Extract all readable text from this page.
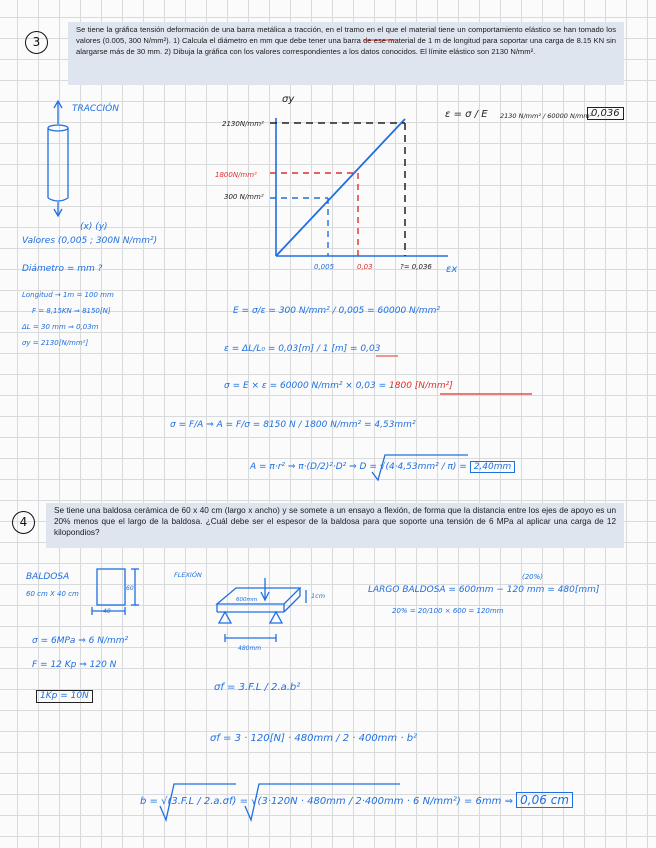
3
Se tiene la gráfica tensión deformación de una barra metálica a tracción, en el tramo en el que el material tiene un comportamiento elástico se han tomado los valores (0.005, 300 N/mm²). 1) Calcula el diámetro en mm que debe tener una barra de ese material de 1 m de longitud para soportar una carga de 8.15 KN sin alargarse más de 30 mm. 2) Dibuja la gráfica con los valores correspondientes a los datos conocidos. El límite elástico son 2130 N/mm².
TRACCIÓN
(x) (y)
Valores (0,005 ; 300N N/mm²)
Diámetro = mm ?
Longitud → 1m = 100 mm
F = 8,15KN ⇒ 8150[N]
ΔL = 30 mm ⇒ 0,03m
σy = 2130[N/mm²]
σy
2130N/mm²
1800N/mm²
300 N/mm²
0,005	0,03	?= 0,036 εx
ε = σ / E 2130 N/mm² / 60000 N/mm²
0,036
E = σ/ε = 300 N/mm² / 0,005 = 60000 N/mm²
ε = ΔL/L₀ = 0,03[m] / 1 [m] = 0,03
σ = E × ε = 60000 N/mm² × 0,03 = 1800 [N/mm²]
σ = F/A ⇒ A = F/σ = 8150 N / 1800 N/mm² = 4,53mm²
A = π·r² ⇒ π·(D/2)²·D² ⇒ D = √(4·4,53mm² / π) = 2,40mm
4
Se tiene una baldosa cerámica de 60 x 40 cm (largo x ancho) y se somete a un ensayo a flexión, de forma que la distancia entre los ejes de apoyo es un 20% menos que el largo de la baldosa. ¿Cuál debe ser el espesor de la baldosa para que soporte una tensión de 6 MPa al aplicar una carga de 12 kilopondios?
BALDOSA
60 cm X 40 cm
60
40
FLEXIÓN
600mm
480mm
1cm
σ = 6MPa ⇒ 6 N/mm²
F = 12 Kp ⇒ 120 N
1Kp = 10N
(20%)
LARGO BALDOSA = 600mm − 120 mm = 480[mm]
20% = 20/100 × 600 = 120mm
σf = 3.F.L / 2.a.b²
σf = 3 · 120[N] · 480mm / 2 · 400mm · b²
b = √(3.F.L / 2.a.σf) = √(3·120N · 480mm / 2·400mm · 6 N/mm²) = 6mm ⇒ 0,06 cm
